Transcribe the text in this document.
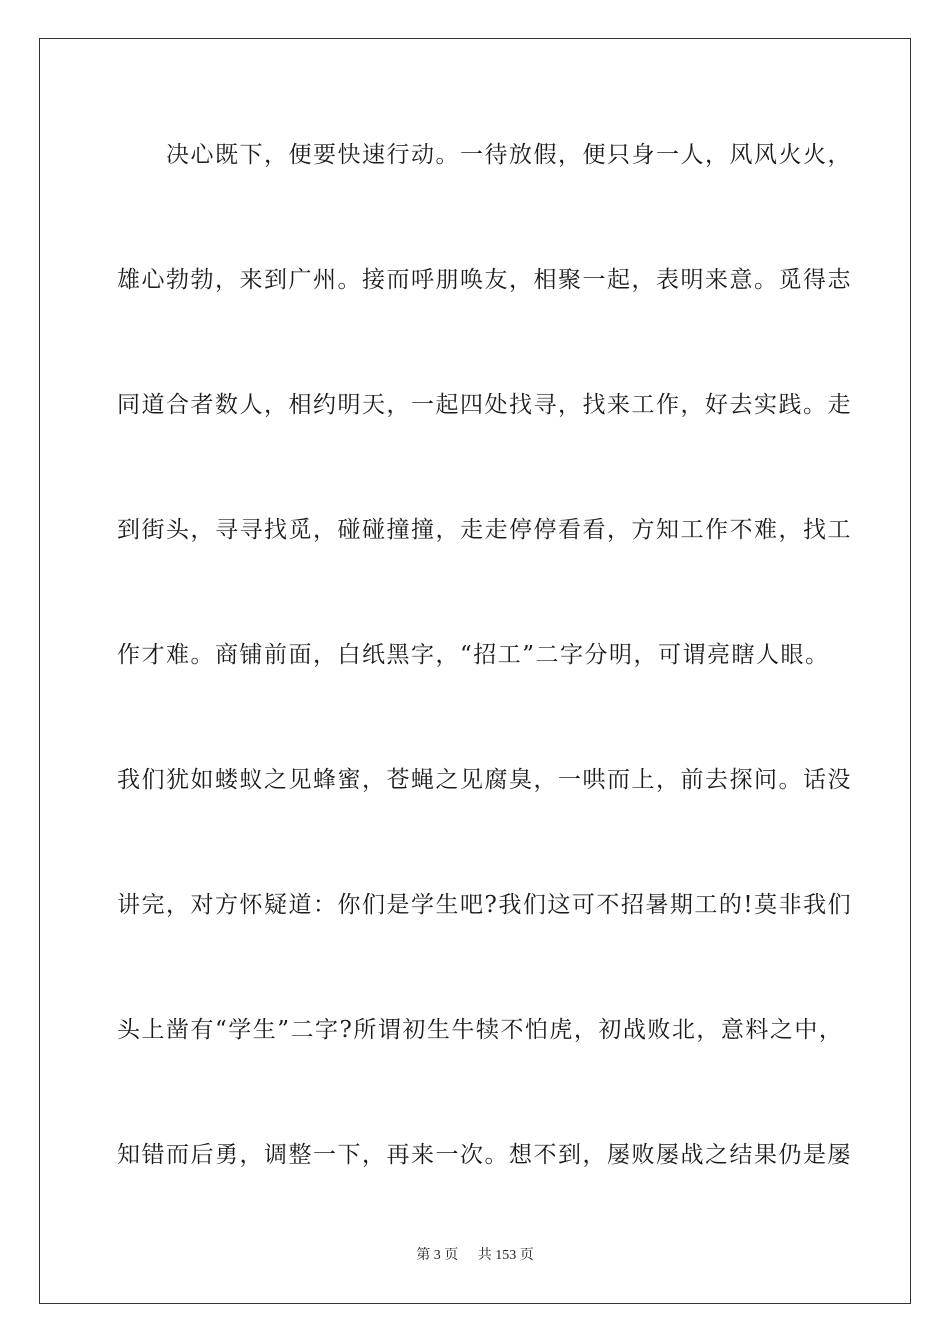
　　决心既下，便要快速行动。一待放假，便只身一人，风风火火，
雄心勃勃，来到广州。接而呼朋唤友，相聚一起，表明来意。觅得志
同道合者数人，相约明天，一起四处找寻，找来工作，好去实践。走
到街头，寻寻找觅，碰碰撞撞，走走停停看看，方知工作不难，找工
作才难。商铺前面，白纸黑字，“招工”二字分明，可谓亮瞎人眼。
我们犹如蝼蚁之见蜂蜜，苍蝇之见腐臭，一哄而上，前去探问。话没
讲完，对方怀疑道：你们是学生吧?我们这可不招暑期工的!莫非我们
头上凿有“学生”二字?所谓初生牛犊不怕虎，初战败北，意料之中，
知错而后勇，调整一下，再来一次。想不到，屡败屡战之结果仍是屡
第 3 页 共 153 页
